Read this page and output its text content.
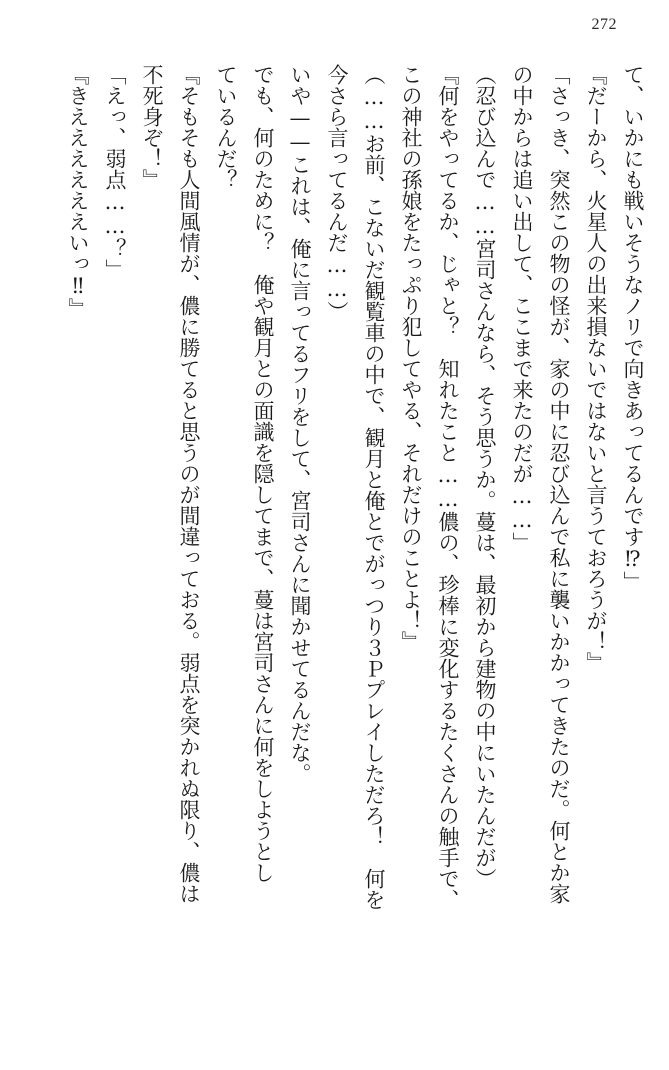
272
て、いかにも戦いそうなノリで向きあってるんです⁉」
『だーから、火星人の出来損ないではないと言うておろうが！』
「さっき、突然この物の怪が、家の中に忍び込んで私に襲いかかってきたのだ。何とか家
の中からは追い出して、ここまで来たのだが……」
（忍び込んで……宮司さんなら、そう思うか。蔓は、最初から建物の中にいたんだが）
『何をやってるか、じゃと？　知れたこと……儂の、珍棒に変化するたくさんの触手で、
この神社の孫娘をたっぷり犯してやる、それだけのことよ！』
（……お前、こないだ観覧車の中で、観月と俺とでがっつり３Ｐプレイしただろ！　何を
今さら言ってるんだ……）
いや——これは、俺に言ってるフリをして、宮司さんに聞かせてるんだな。
でも、何のために？　俺や観月との面識を隠してまで、蔓は宮司さんに何をしようとし
ているんだ？
『そもそも人間風情が、儂に勝てると思うのが間違っておる。弱点を突かれぬ限り、儂は
不死身ぞ！』
「えっ、弱点……？」
『きええええええいっ‼』
